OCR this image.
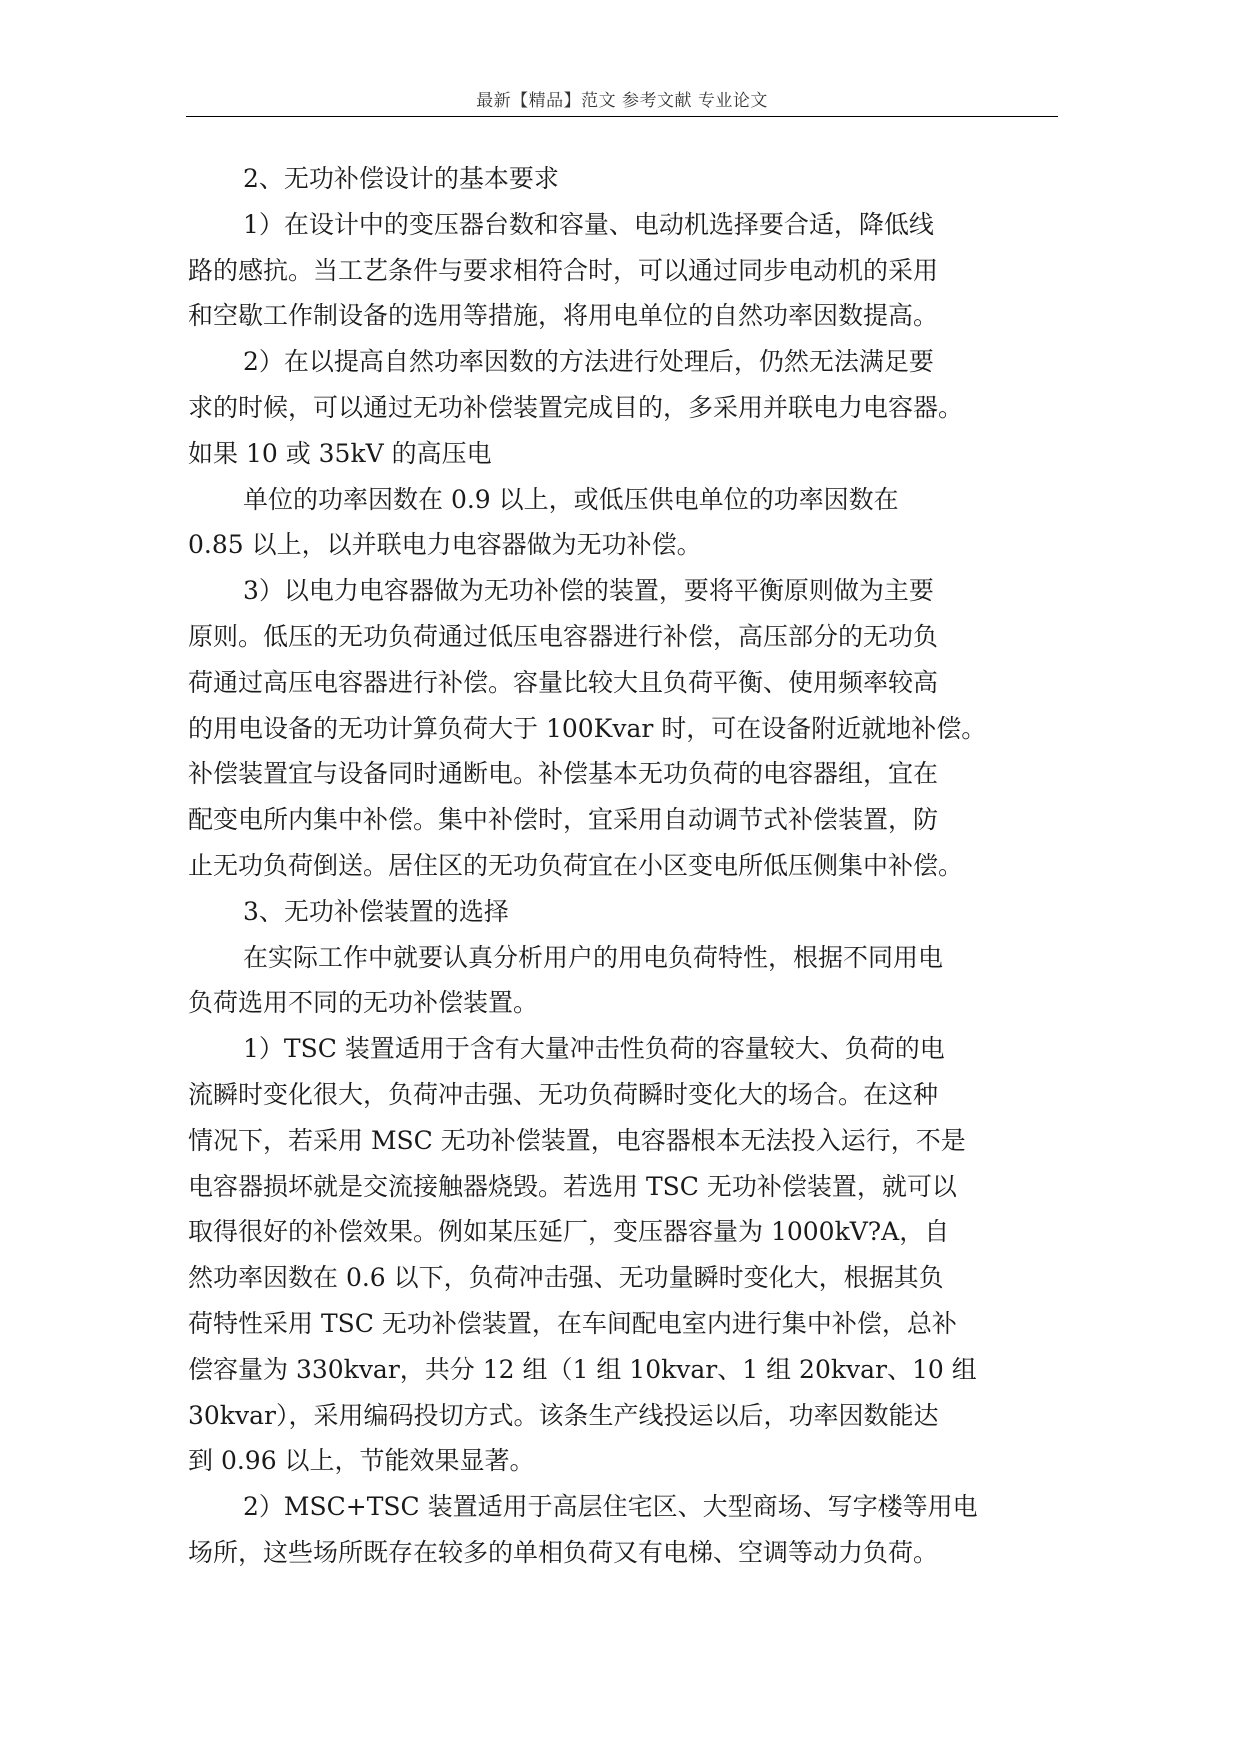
最新【精品】范文 参考文献 专业论文
2、无功补偿设计的基本要求
1）在设计中的变压器台数和容量、电动机选择要合适，降低线
路的感抗。当工艺条件与要求相符合时，可以通过同步电动机的采用
和空歇工作制设备的选用等措施，将用电单位的自然功率因数提高。
2）在以提高自然功率因数的方法进行处理后，仍然无法满足要
求的时候，可以通过无功补偿装置完成目的，多采用并联电力电容器。
如果 10 或 35kV 的高压电
单位的功率因数在 0.9 以上，或低压供电单位的功率因数在
0.85 以上，以并联电力电容器做为无功补偿。
3）以电力电容器做为无功补偿的装置，要将平衡原则做为主要
原则。低压的无功负荷通过低压电容器进行补偿，高压部分的无功负
荷通过高压电容器进行补偿。容量比较大且负荷平衡、使用频率较高
的用电设备的无功计算负荷大于 100Kvar 时，可在设备附近就地补偿。
补偿装置宜与设备同时通断电。补偿基本无功负荷的电容器组，宜在
配变电所内集中补偿。集中补偿时，宜采用自动调节式补偿装置，防
止无功负荷倒送。居住区的无功负荷宜在小区变电所低压侧集中补偿。
3、无功补偿装置的选择
在实际工作中就要认真分析用户的用电负荷特性，根据不同用电
负荷选用不同的无功补偿装置。
1）TSC 装置适用于含有大量冲击性负荷的容量较大、负荷的电
流瞬时变化很大，负荷冲击强、无功负荷瞬时变化大的场合。在这种
情况下，若采用 MSC 无功补偿装置，电容器根本无法投入运行，不是
电容器损坏就是交流接触器烧毁。若选用 TSC 无功补偿装置，就可以
取得很好的补偿效果。例如某压延厂，变压器容量为 1000kV?A，自
然功率因数在 0.6 以下，负荷冲击强、无功量瞬时变化大，根据其负
荷特性采用 TSC 无功补偿装置，在车间配电室内进行集中补偿，总补
偿容量为 330kvar，共分 12 组（1 组 10kvar、1 组 20kvar、10 组
30kvar），采用编码投切方式。该条生产线投运以后，功率因数能达
到 0.96 以上，节能效果显著。
2）MSC+TSC 装置适用于高层住宅区、大型商场、写字楼等用电
场所，这些场所既存在较多的单相负荷又有电梯、空调等动力负荷。
